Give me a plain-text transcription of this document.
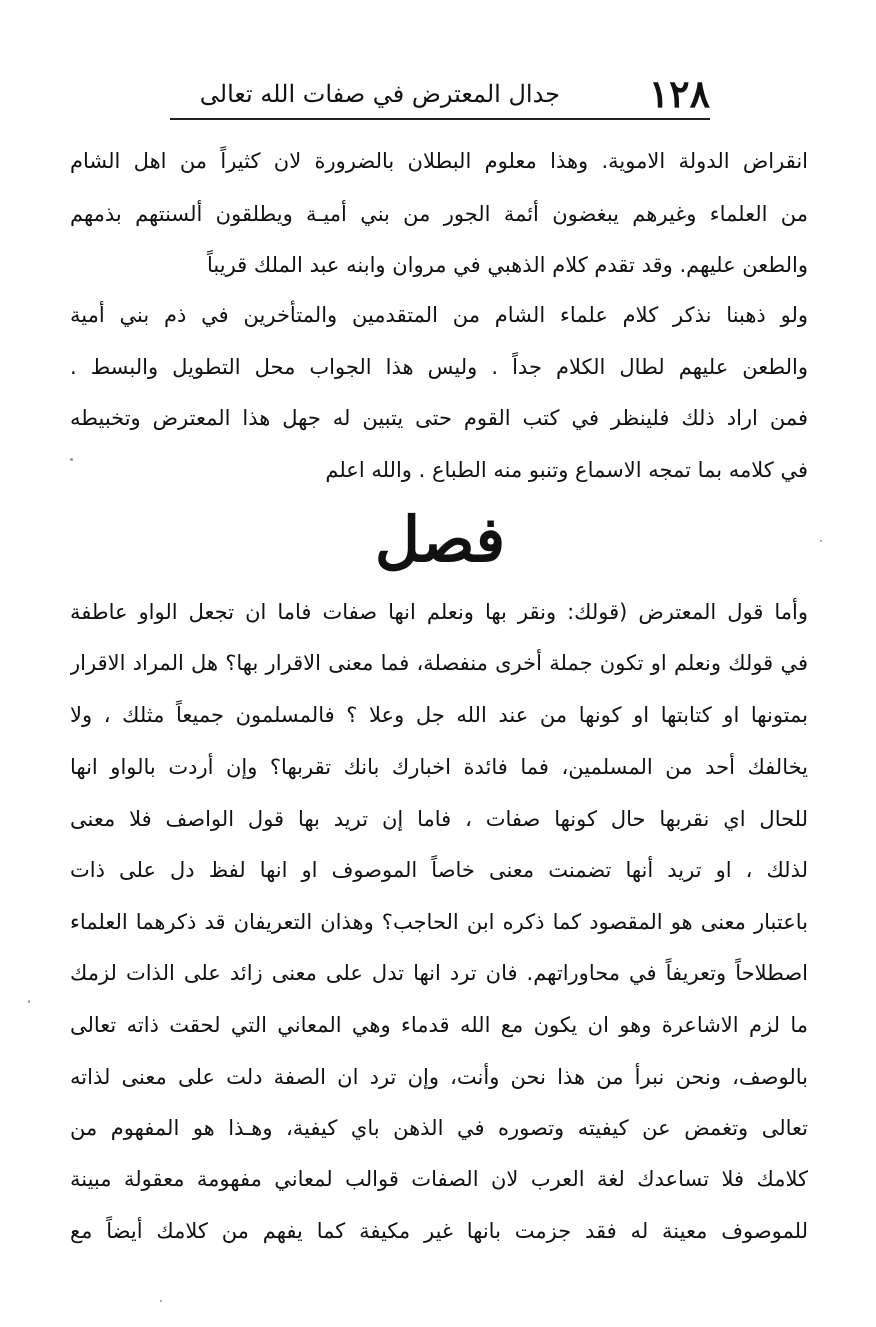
١٢٨
جدال المعترض في صفات الله تعالى
انقراض الدولة الاموية. وهذا معلوم البطلان بالضرورة لان كثيراً من اهل الشام
من العلماء وغيرهم يبغضون أئمة الجور من بني أميـة ويطلقون ألسنتهم بذمهم
والطعن عليهم. وقد تقدم كلام الذهبي في مروان وابنه عبد الملك قريباً
ولو ذهبنا نذكر كلام علماء الشام من المتقدمين والمتأخرين في ذم بني أمية
والطعن عليهم لطال الكلام جداً . وليس هذا الجواب محل التطويل والبسط .
فمن اراد ذلك فلينظر في كتب القوم حتى يتبين له جهل هذا المعترض وتخبيطه
في كلامه بما تمجه الاسماع وتنبو منه الطباع . والله اعلم
فصل
وأما قول المعترض (قولك: ونقر بها ونعلم انها صفات فاما ان تجعل الواو عاطفة
في قولك ونعلم او تكون جملة أخرى منفصلة، فما معنى الاقرار بها؟ هل المراد الاقرار
بمتونها او كتابتها او كونها من عند الله جل وعلا ؟ فالمسلمون جميعاً مثلك ، ولا
يخالفك أحد من المسلمين، فما فائدة اخبارك بانك تقربها؟ وإن أردت بالواو انها
للحال اي نقربها حال كونها صفات ، فاما إن تريد بها قول الواصف فلا معنى
لذلك ، او تريد أنها تضمنت معنى خاصاً الموصوف او انها لفظ دل على ذات
باعتبار معنى هو المقصود كما ذكره ابن الحاجب؟ وهذان التعريفان قد ذكرهما العلماء
اصطلاحاً وتعريفاً في محاوراتهم. فان ترد انها تدل على معنى زائد على الذات لزمك
ما لزم الاشاعرة وهو ان يكون مع الله قدماء وهي المعاني التي لحقت ذاته تعالى
بالوصف، ونحن نبرأ من هذا نحن وأنت، وإن ترد ان الصفة دلت على معنى لذاته
تعالى وتغمض عن كيفيته وتصوره في الذهن باي كيفية، وهـذا هو المفهوم من
كلامك فلا تساعدك لغة العرب لان الصفات قوالب لمعاني مفهومة معقولة مبينة
للموصوف معينة له فقد جزمت بانها غير مكيفة كما يفهم من كلامك أيضاً مع
